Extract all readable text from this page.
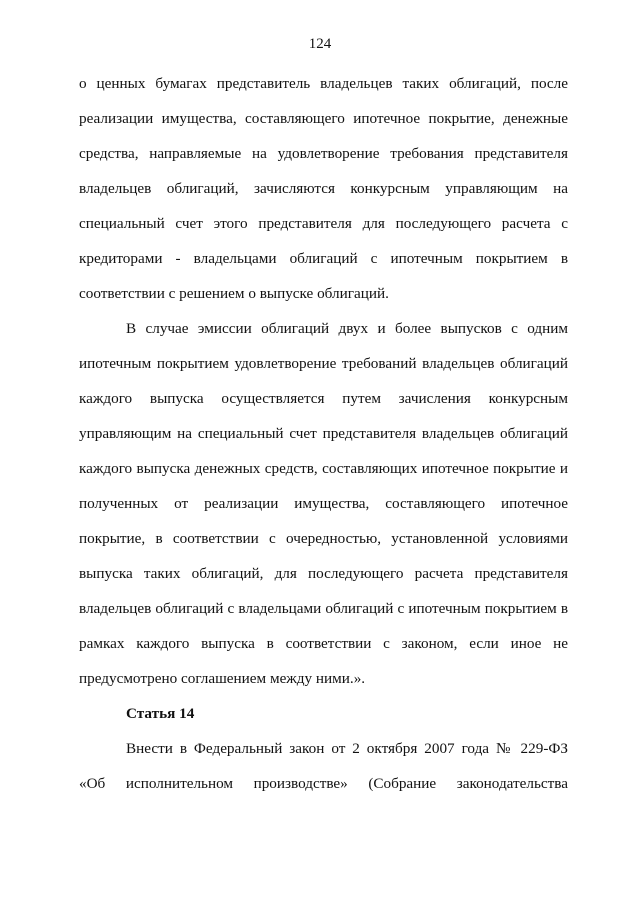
124
о ценных бумагах представитель владельцев таких облигаций, после
реализации имущества, составляющего ипотечное покрытие, денежные
средства, направляемые на удовлетворение требования представителя
владельцев облигаций, зачисляются конкурсным управляющим на
специальный счет этого представителя для последующего расчета с
кредиторами - владельцами облигаций с ипотечным покрытием в
соответствии с решением о выпуске облигаций.
В случае эмиссии облигаций двух и более выпусков с одним
ипотечным покрытием удовлетворение требований владельцев облигаций
каждого выпуска осуществляется путем зачисления конкурсным
управляющим на специальный счет представителя владельцев облигаций
каждого выпуска денежных средств, составляющих ипотечное покрытие и
полученных от реализации имущества, составляющего ипотечное
покрытие, в соответствии с очередностью, установленной условиями
выпуска таких облигаций, для последующего расчета представителя
владельцев облигаций с владельцами облигаций с ипотечным покрытием в
рамках каждого выпуска в соответствии с законом, если иное не
предусмотрено соглашением между ними.».
Статья 14
Внести в Федеральный закон от 2 октября 2007 года № 229-ФЗ
«Об исполнительном производстве» (Собрание законодательства
